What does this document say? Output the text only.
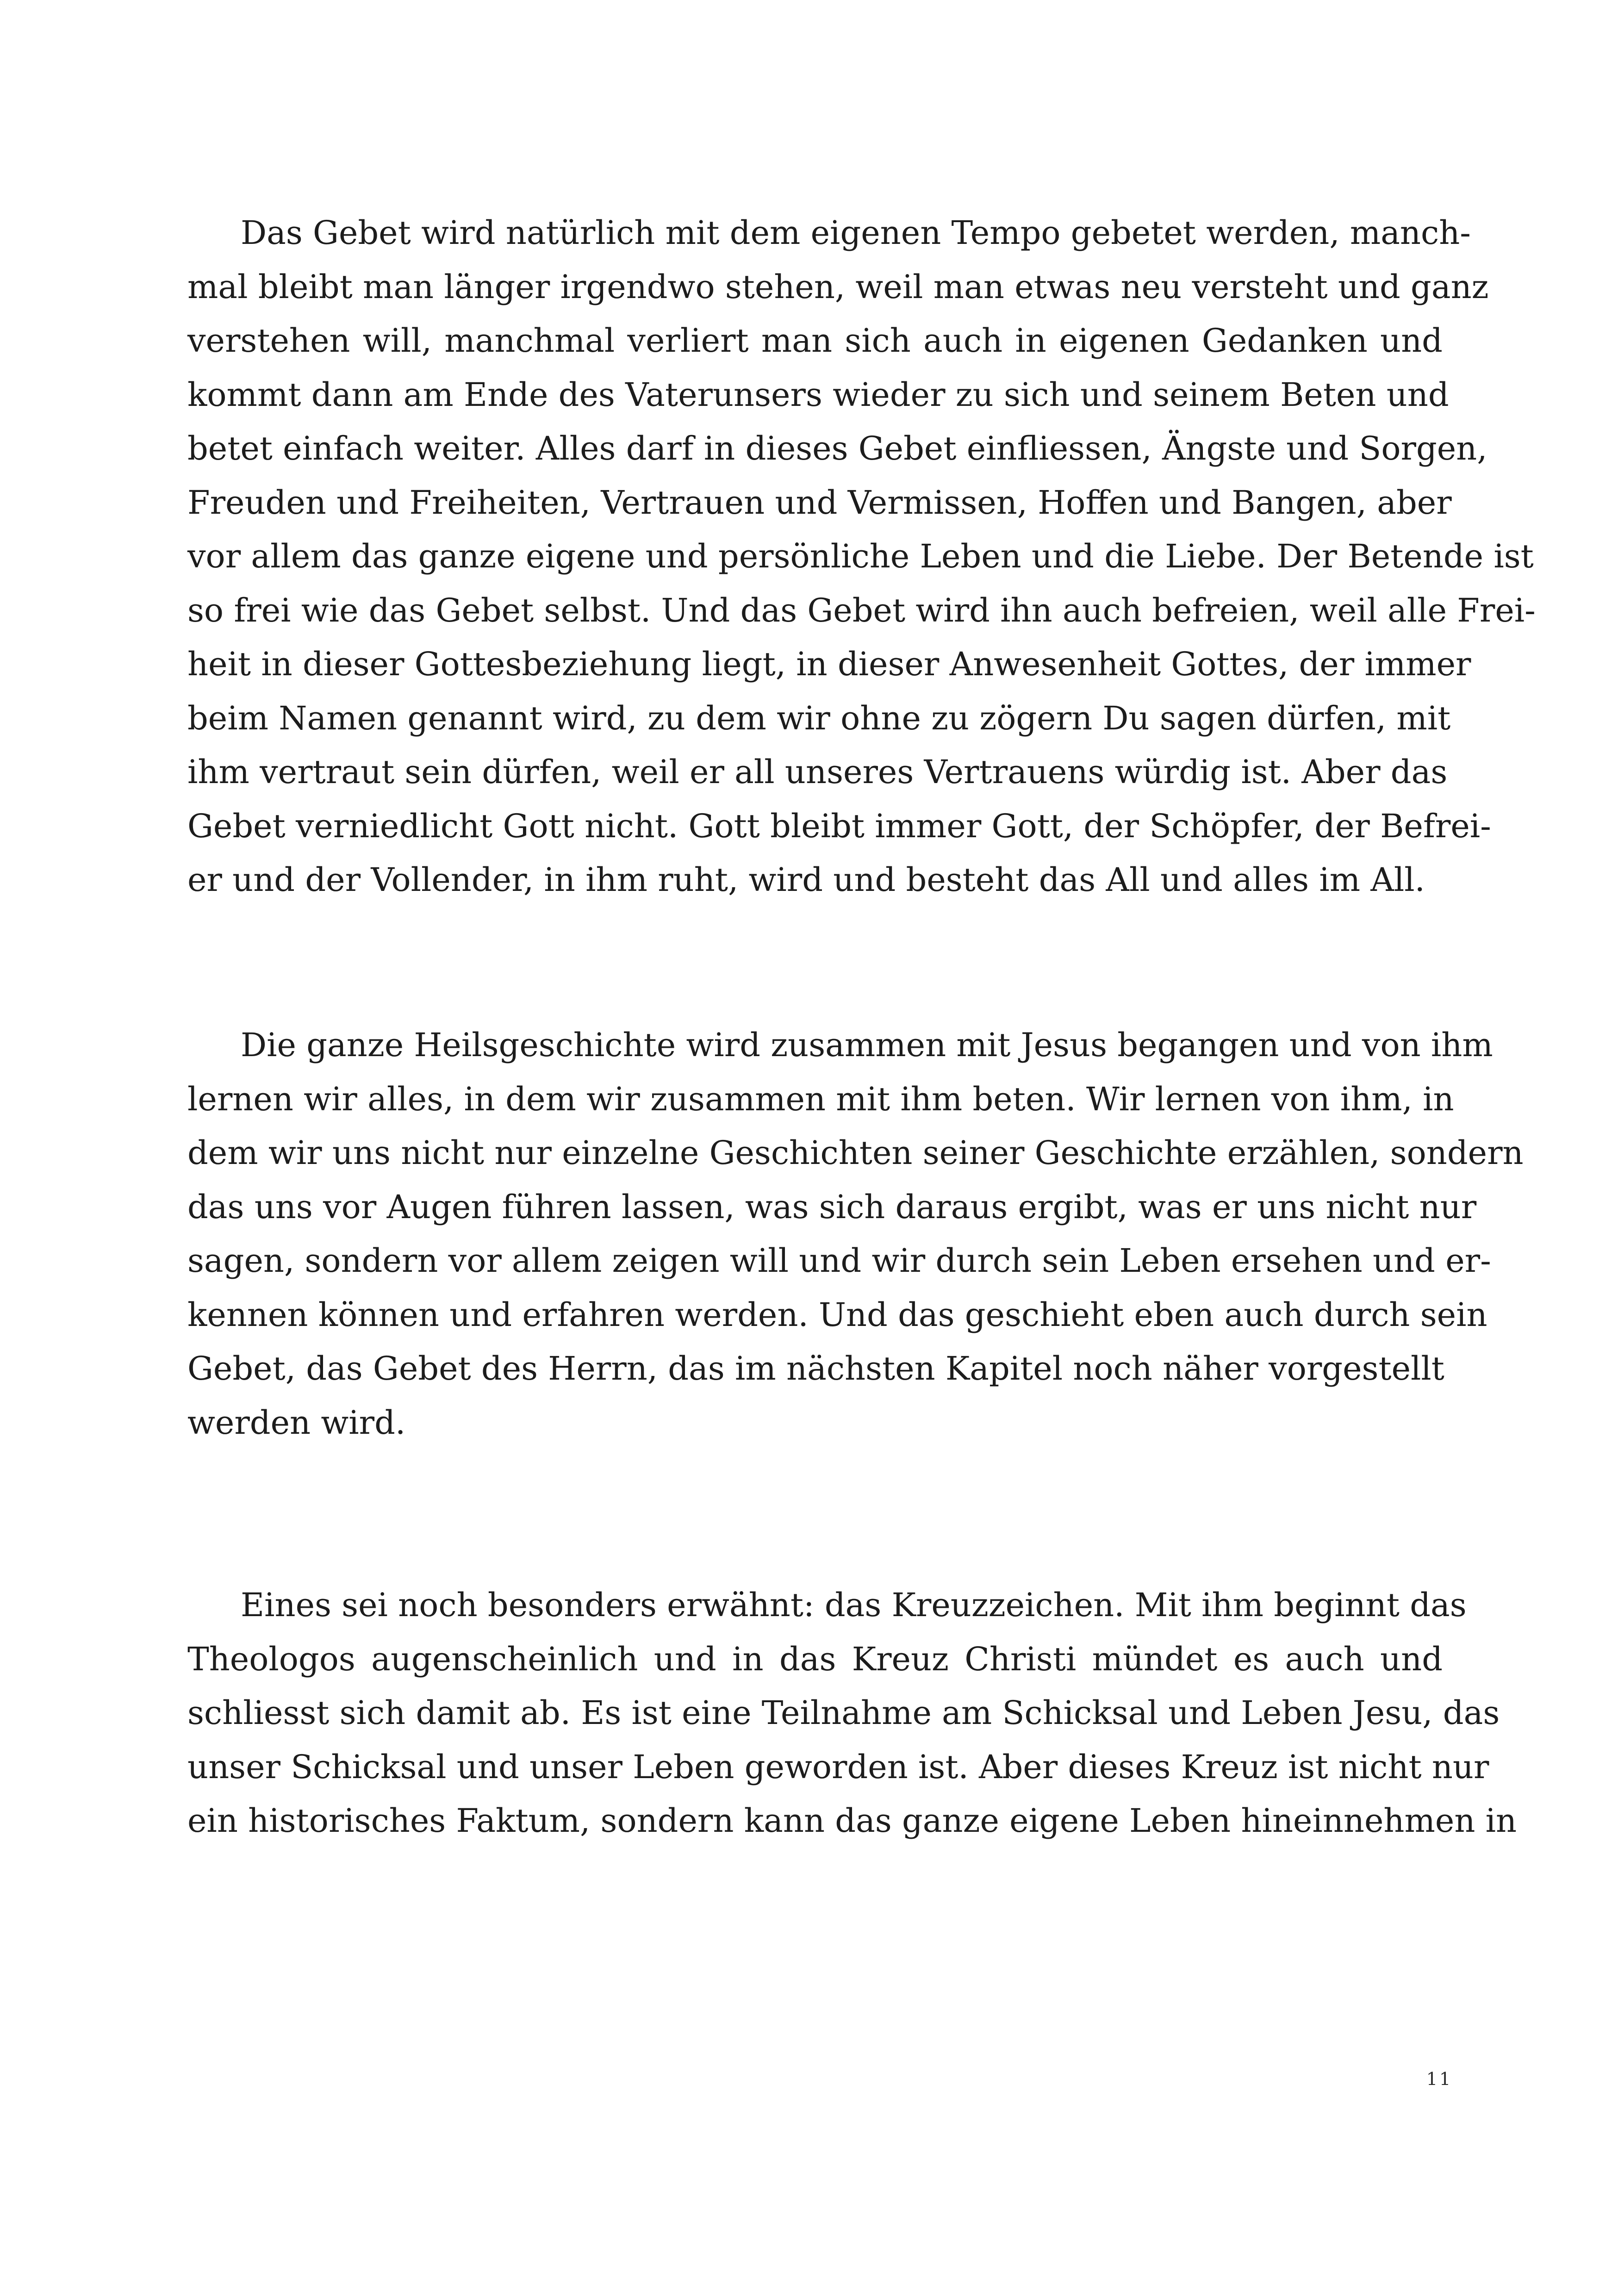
Das Gebet wird natürlich mit dem eigenen Tempo gebetet werden, manch-
mal bleibt man länger irgendwo stehen, weil man etwas neu versteht und ganz
verstehen will, manchmal verliert man sich auch in eigenen Gedanken und
kommt dann am Ende des Vaterunsers wieder zu sich und seinem Beten und
betet einfach weiter. Alles darf in dieses Gebet einfliessen, Ängste und Sorgen,
Freuden und Freiheiten, Vertrauen und Vermissen, Hoffen und Bangen, aber
vor allem das ganze eigene und persönliche Leben und die Liebe. Der Betende ist
so frei wie das Gebet selbst. Und das Gebet wird ihn auch befreien, weil alle Frei-
heit in dieser Gottesbeziehung liegt, in dieser Anwesenheit Gottes, der immer
beim Namen genannt wird, zu dem wir ohne zu zögern Du sagen dürfen, mit
ihm vertraut sein dürfen, weil er all unseres Vertrauens würdig ist. Aber das
Gebet verniedlicht Gott nicht. Gott bleibt immer Gott, der Schöpfer, der Befrei-
er und der Vollender, in ihm ruht, wird und besteht das All und alles im All.
Die ganze Heilsgeschichte wird zusammen mit Jesus begangen und von ihm
lernen wir alles, in dem wir zusammen mit ihm beten. Wir lernen von ihm, in
dem wir uns nicht nur einzelne Geschichten seiner Geschichte erzählen, sondern
das uns vor Augen führen lassen, was sich daraus ergibt, was er uns nicht nur
sagen, sondern vor allem zeigen will und wir durch sein Leben ersehen und er-
kennen können und erfahren werden. Und das geschieht eben auch durch sein
Gebet, das Gebet des Herrn, das im nächsten Kapitel noch näher vorgestellt
werden wird.
Eines sei noch besonders erwähnt: das Kreuzzeichen. Mit ihm beginnt das
Theologos augenscheinlich und in das Kreuz Christi mündet es auch und
schliesst sich damit ab. Es ist eine Teilnahme am Schicksal und Leben Jesu, das
unser Schicksal und unser Leben geworden ist. Aber dieses Kreuz ist nicht nur
ein historisches Faktum, sondern kann das ganze eigene Leben hineinnehmen in
11
